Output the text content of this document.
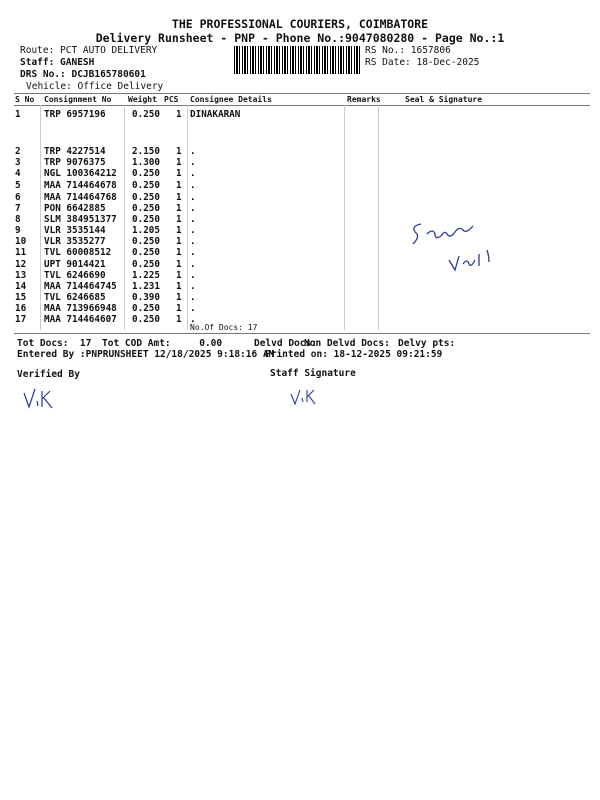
THE PROFESSIONAL COURIERS, COIMBATORE
Delivery Runsheet - PNP - Phone No.:9047080280 - Page No.:1
Route: PCT AUTO DELIVERY
Staff: GANESH
DRS No.: DCJB165780601
Vehicle: Office Delivery
RS No.: 1657806
RS Date: 18-Dec-2025
S No Consignment No Weight PCS Consignee Details	Remarks	Seal & Signature
1	TRP 6957196	0.250 1 DINAKARAN
2	TRP 4227514	2.150 1 .
3	TRP 9076375	1.300 1 .
4	NGL 100364212 0.250 1 .
5	MAA 714464678 0.250 1 .
6	MAA 714464768 0.250 1 .
7	PON 6642885	0.250 1 .
8	SLM 384951377 0.250 1 .
9	VLR 3535144	1.205 1 .
10 VLR 3535277	0.250 1 .
11 TVL 60008512 0.250 1 .
12 UPT 9014421	0.250 1 .
13 TVL 6246690	1.225 1 .
14 MAA 714464745 1.231 1 .
15 TVL 6246685	0.390 1 .
16 MAA 713966948 0.250 1 .
17 MAA 714464607 0.250 1 .
No.Of Docs: 17
Tot Docs:  17 Tot COD Amt:     0.00	Delvd Docs:
Non Delvd Docs: Delvy pts:
Entered By :PNPRUNSHEET 12/18/2025 9:18:16 AM
Printed on: 18-12-2025 09:21:59
Verified By	Staff Signature
